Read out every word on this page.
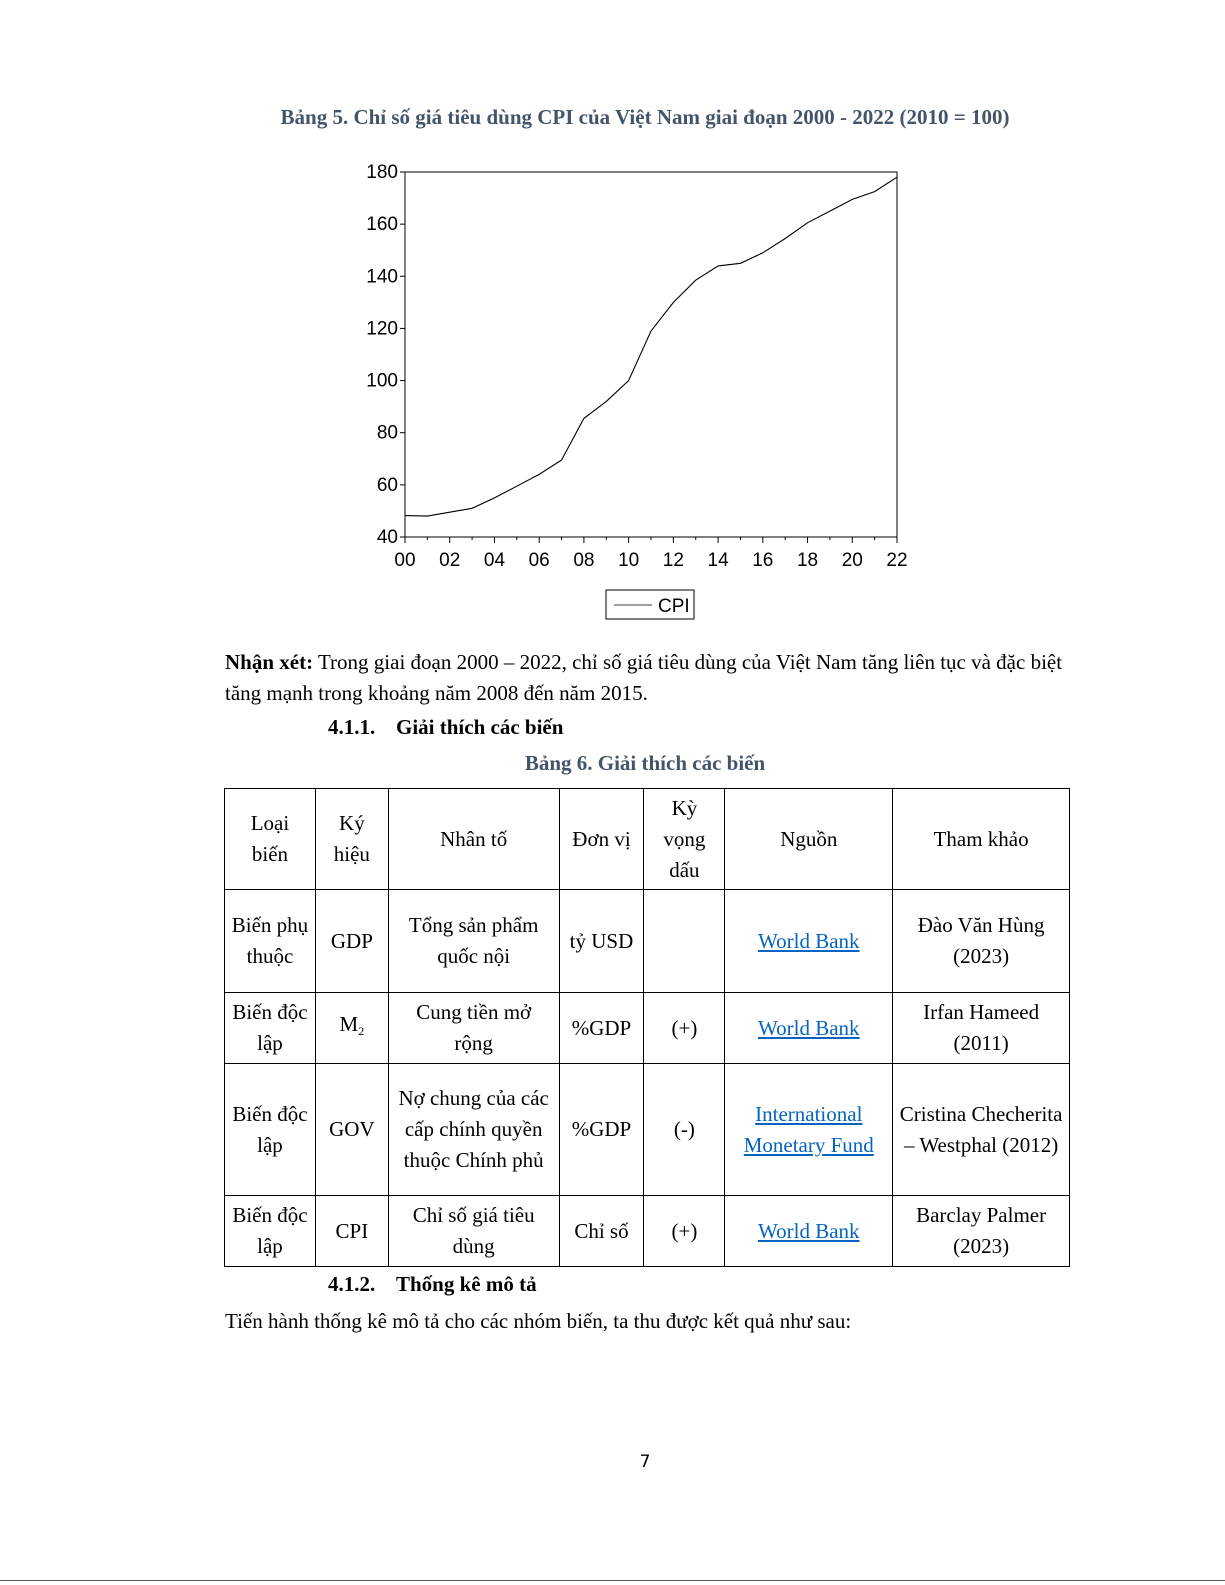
Bảng 5. Chỉ số giá tiêu dùng CPI của Việt Nam giai đoạn 2000 - 2022 (2010 = 100)
40
60
80
100
120
140
160
180
00 02 04 06 08 10 12 14 16 18 20 22
CPI
Nhận xét: Trong giai đoạn 2000 – 2022, chỉ số giá tiêu dùng của Việt Nam tăng liên tục và đặc biệt tăng mạnh trong khoảng năm 2008 đến năm 2015.
4.1.1. Giải thích các biến
Bảng 6. Giải thích các biến
Loại biến	Ký hiệu	Nhân tố	Đơn vị	Kỳ vọng dấu	Nguồn	Tham khảo
Biến phụ thuộc	GDP	Tổng sản phẩm quốc nội	tỷ USD		World Bank	Đào Văn Hùng (2023)
Biến độc lập	$M_2$	Cung tiền mở rộng	%GDP	(+)	World Bank	Irfan Hameed (2011)
Biến độc lập	GOV	Nợ chung của các cấp chính quyền thuộc Chính phủ	%GDP	(-)	International Monetary Fund	Cristina Checherita – Westphal (2012)
Biến độc lập	CPI	Chỉ số giá tiêu dùng	Chỉ số	(+)	World Bank	Barclay Palmer (2023)
4.1.2. Thống kê mô tả
Tiến hành thống kê mô tả cho các nhóm biến, ta thu được kết quả như sau:
7
